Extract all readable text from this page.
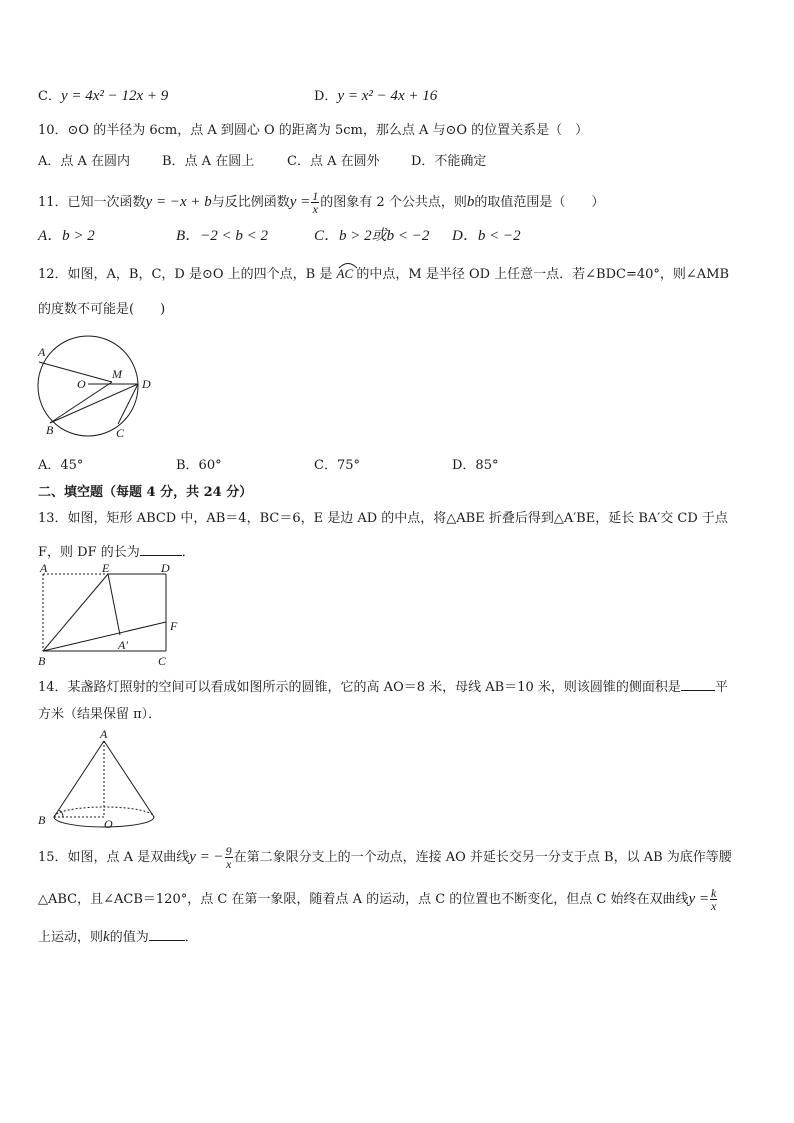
C．y = 4x² − 12x + 9	D．y = x² − 4x + 16
10．⊙O 的半径为 6cm，点 A 到圆心 O 的距离为 5cm，那么点 A 与⊙O 的位置关系是（　）
A．点 A 在圆内 B．点 A 在圆上	C．点 A 在圆外 D．不能确定
11．已知一次函数y = −x + b与反比例函数$y = \frac{1}{x}$ 的图象有 2 个公共点，则b的取值范围是（　　）
A．b > 2	B．−2 < b < 2	C．b > 2或b < −2 D．b < −2
12．如图，A，B，C，D 是⊙O 上的四个点，B 是 AC 的中点，M 是半径 OD 上任意一点．若∠BDC=40°，则∠AMB
的度数不可能是(　　)
A
O
M
D
B	C
A．45°	B．60°	C．75°	D．85°
二、填空题（每题 4 分，共 24 分）
13．如图，矩形 ABCD 中，AB＝4，BC＝6，E 是边 AD 的中点，将△ABE 折叠后得到△A′BE，延长 BA′交 CD 于点
F，则 DF 的长为	．
A	E	D
F
A′
B	C
14．某盏路灯照射的空间可以看成如图所示的圆锥，它的高 AO＝8 米，母线 AB＝10 米，则该圆锥的侧面积是	平
方米（结果保留 π）．
A
B	O
15．如图，点 A 是双曲线y = − $\frac{9}{x}$ 在第二象限分支上的一个动点，连接 AO 并延长交另一分支于点 B，以 AB 为底作等腰
△ABC，且∠ACB＝120°，点 C 在第一象限，随着点 A 的运动，点 C 的位置也不断变化，但点 C 始终在双曲线$y = \frac{k}{x}$
上运动，则k的值为	．
